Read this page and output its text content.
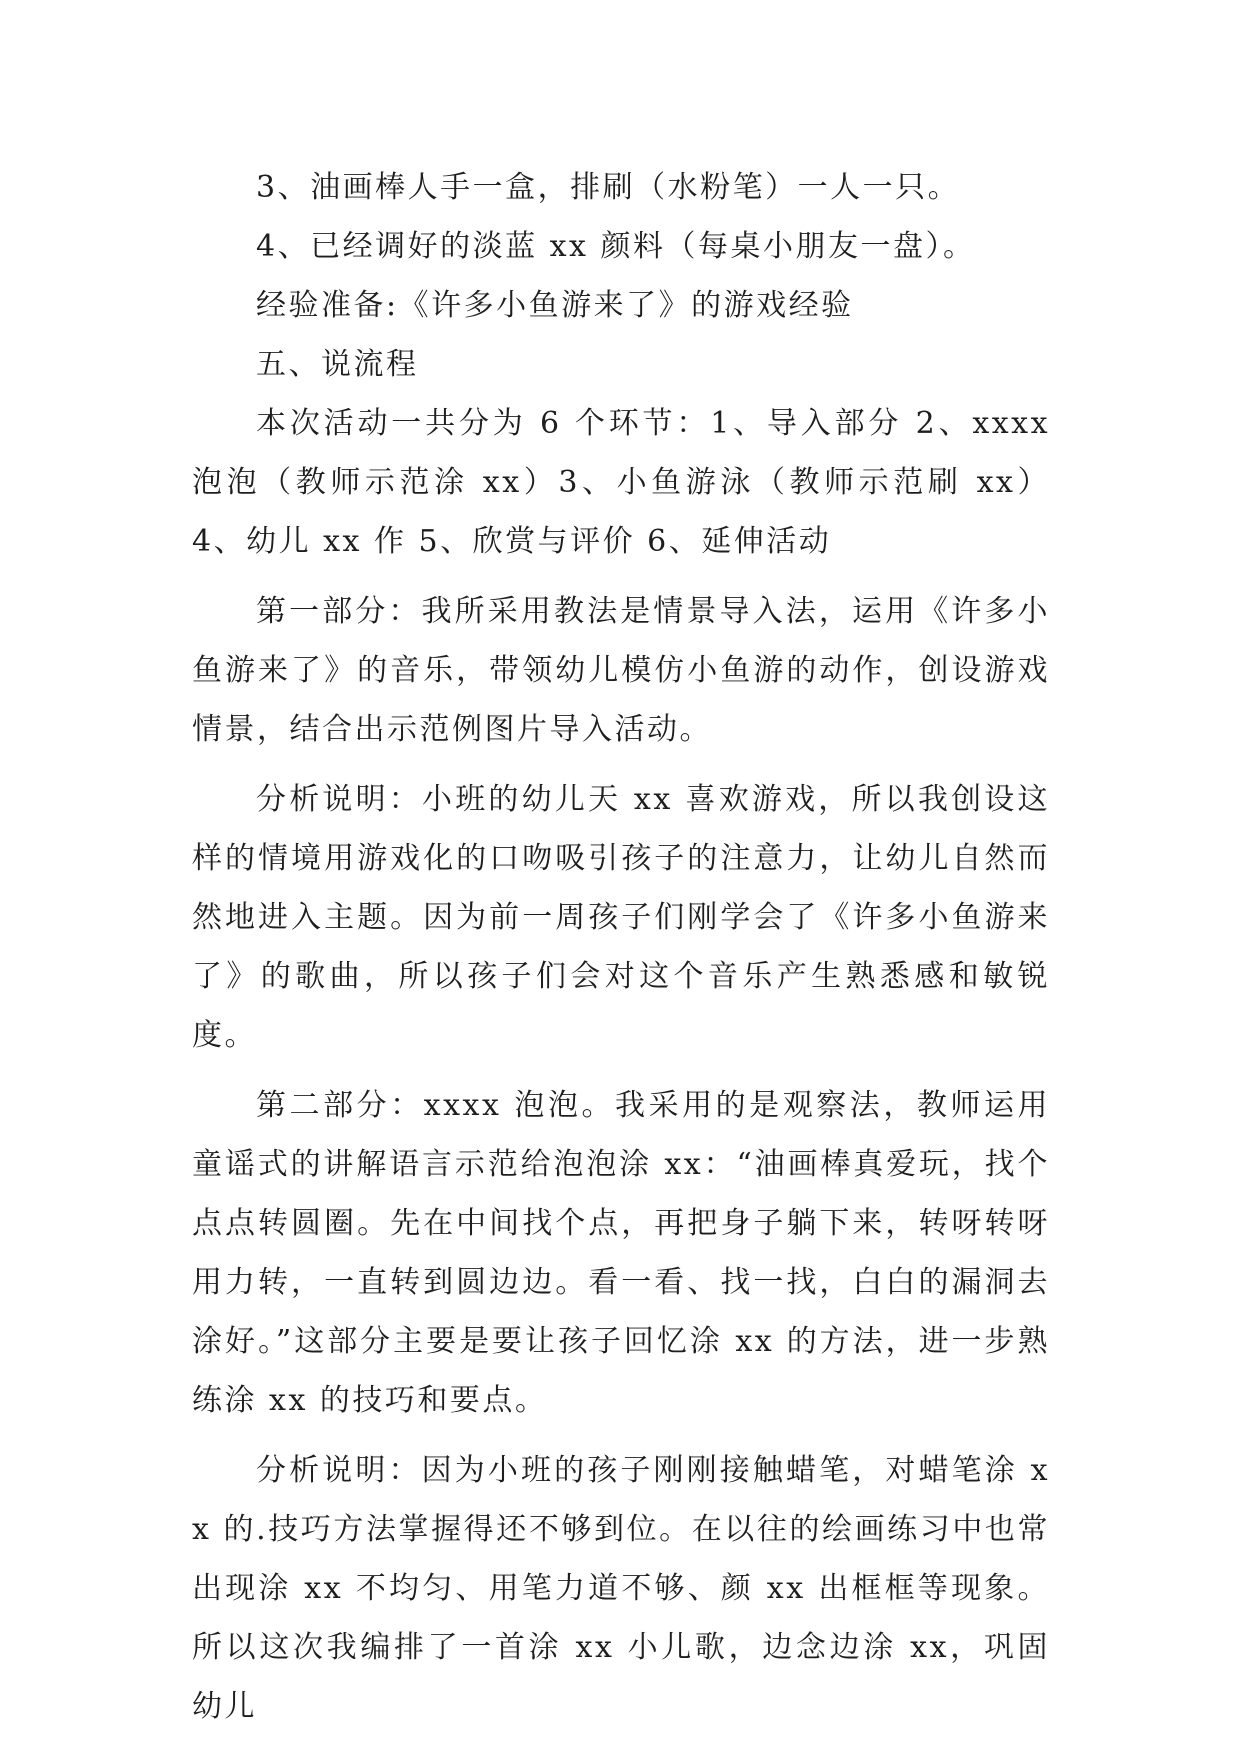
3、油画棒人手一盒，排刷（水粉笔）一人一只。

4、已经调好的淡蓝 xx 颜料（每桌小朋友一盘）。

经验准备:《许多小鱼游来了》的游戏经验

五、说流程

本次活动一共分为 6 个环节：1、导入部分 2、xxxx 泡泡（教师示范涂 xx）3、小鱼游泳（教师示范刷 xx）4、幼儿 xx 作 5、欣赏与评价 6、延伸活动

第一部分：我所采用教法是情景导入法，运用《许多小鱼游来了》的音乐，带领幼儿模仿小鱼游的动作，创设游戏情景，结合出示范例图片导入活动。

分析说明：小班的幼儿天 xx 喜欢游戏，所以我创设这样的情境用游戏化的口吻吸引孩子的注意力，让幼儿自然而然地进入主题。因为前一周孩子们刚学会了《许多小鱼游来了》的歌曲，所以孩子们会对这个音乐产生熟悉感和敏锐度。

第二部分：xxxx 泡泡。我采用的是观察法，教师运用童谣式的讲解语言示范给泡泡涂 xx：“油画棒真爱玩，找个点点转圆圈。先在中间找个点，再把身子躺下来，转呀转呀用力转，一直转到圆边边。看一看、找一找，白白的漏洞去涂好。”这部分主要是要让孩子回忆涂 xx 的方法，进一步熟练涂 xx 的技巧和要点。

分析说明：因为小班的孩子刚刚接触蜡笔，对蜡笔涂 xx 的.技巧方法掌握得还不够到位。在以往的绘画练习中也常出现涂 xx 不均匀、用笔力道不够、颜 xx 出框框等现象。所以这次我编排了一首涂 xx 小儿歌，边念边涂 xx，巩固幼儿
